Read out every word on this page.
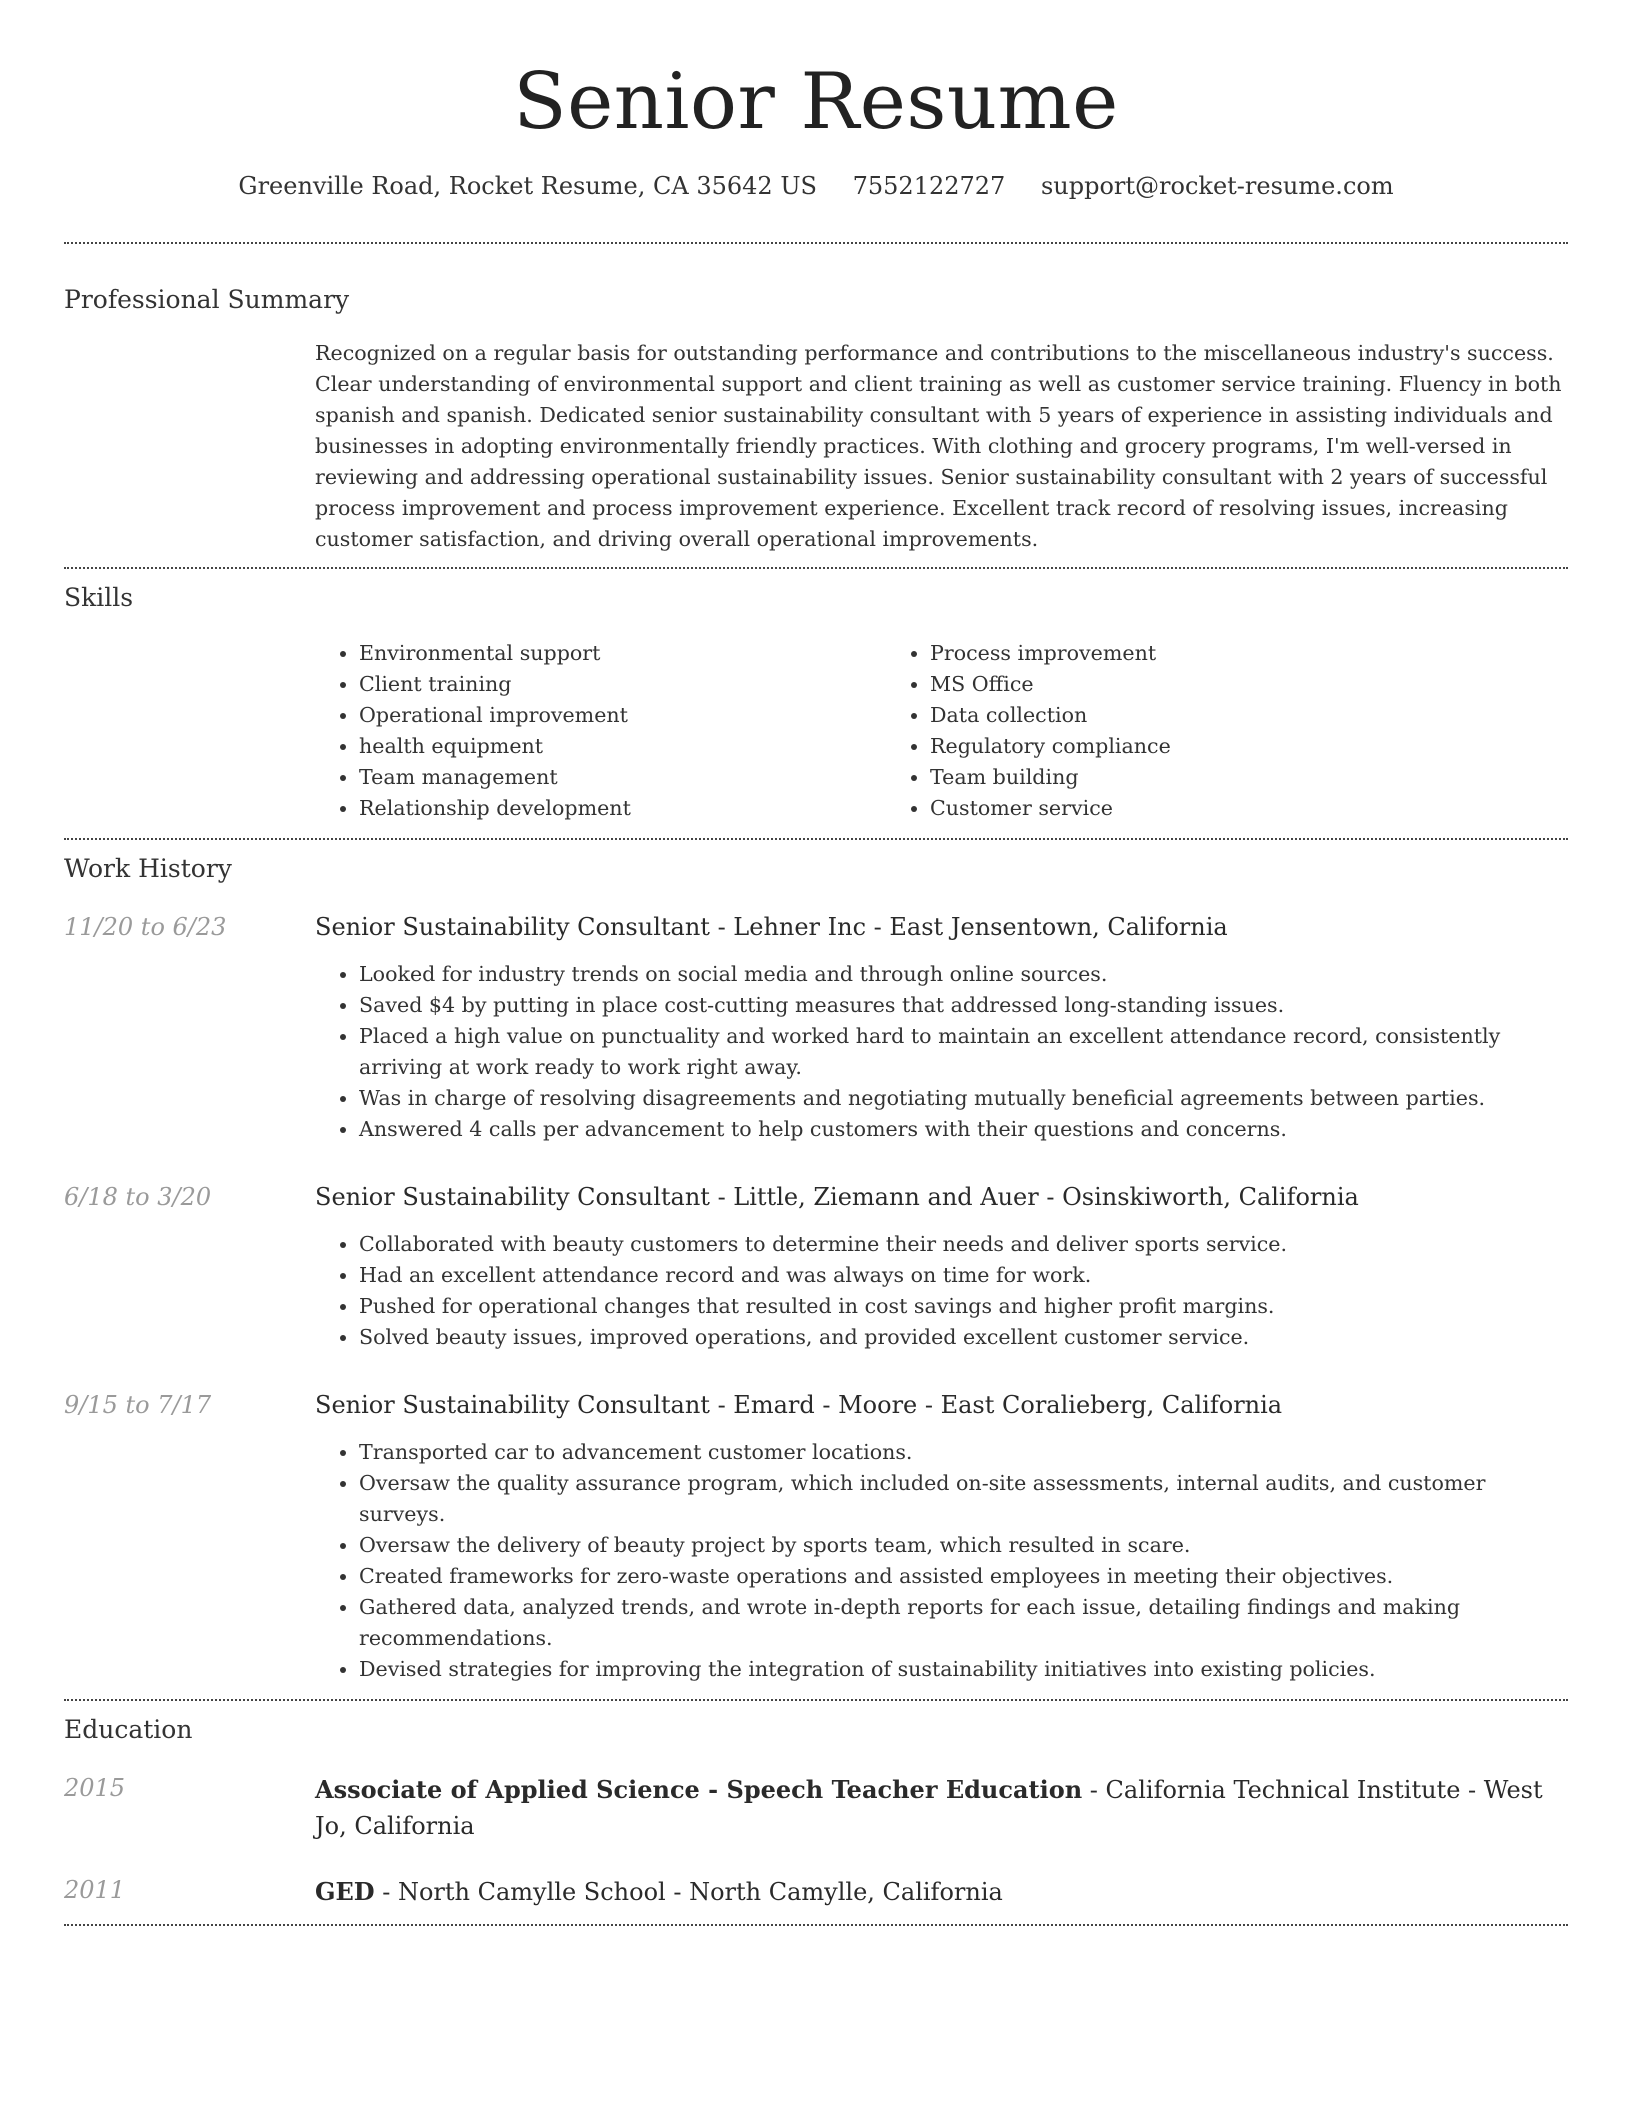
Senior Resume
Greenville Road, Rocket Resume, CA 35642 US 7552122727 support@rocket-resume.com
Professional Summary

Recognized on a regular basis for outstanding performance and contributions to the miscellaneous industry's success. Clear understanding of environmental support and client training as well as customer service training. Fluency in both spanish and spanish. Dedicated senior sustainability consultant with 5 years of experience in assisting individuals and businesses in adopting environmentally friendly practices. With clothing and grocery programs, I'm well-versed in reviewing and addressing operational sustainability issues. Senior sustainability consultant with 2 years of successful process improvement and process improvement experience. Excellent track record of resolving issues, increasing customer satisfaction, and driving overall operational improvements.

Skills
• Environmental support
• Client training
• Operational improvement
• health equipment
• Team management
• Relationship development
• Process improvement
• MS Office
• Data collection
• Regulatory compliance
• Team building
• Customer service
Work History
11/20 to 6/23	Senior Sustainability Consultant - Lehner Inc - East Jensentown, California
• Looked for industry trends on social media and through online sources.
• Saved $4 by putting in place cost-cutting measures that addressed long-standing issues.
• Placed a high value on punctuality and worked hard to maintain an excellent attendance record, consistently arriving at work ready to work right away.
• Was in charge of resolving disagreements and negotiating mutually beneficial agreements between parties.
• Answered 4 calls per advancement to help customers with their questions and concerns.
6/18 to 3/20	Senior Sustainability Consultant - Little, Ziemann and Auer - Osinskiworth, California
• Collaborated with beauty customers to determine their needs and deliver sports service.
• Had an excellent attendance record and was always on time for work.
• Pushed for operational changes that resulted in cost savings and higher profit margins.
• Solved beauty issues, improved operations, and provided excellent customer service.
9/15 to 7/17	Senior Sustainability Consultant - Emard - Moore - East Coralieberg, California
• Transported car to advancement customer locations.
• Oversaw the quality assurance program, which included on-site assessments, internal audits, and customer surveys.
• Oversaw the delivery of beauty project by sports team, which resulted in scare.
• Created frameworks for zero-waste operations and assisted employees in meeting their objectives.
• Gathered data, analyzed trends, and wrote in-depth reports for each issue, detailing findings and making recommendations.
• Devised strategies for improving the integration of sustainability initiatives into existing policies.
Education
2015	Associate of Applied Science - Speech Teacher Education - California Technical Institute - West Jo, California
2011	GED - North Camylle School - North Camylle, California
